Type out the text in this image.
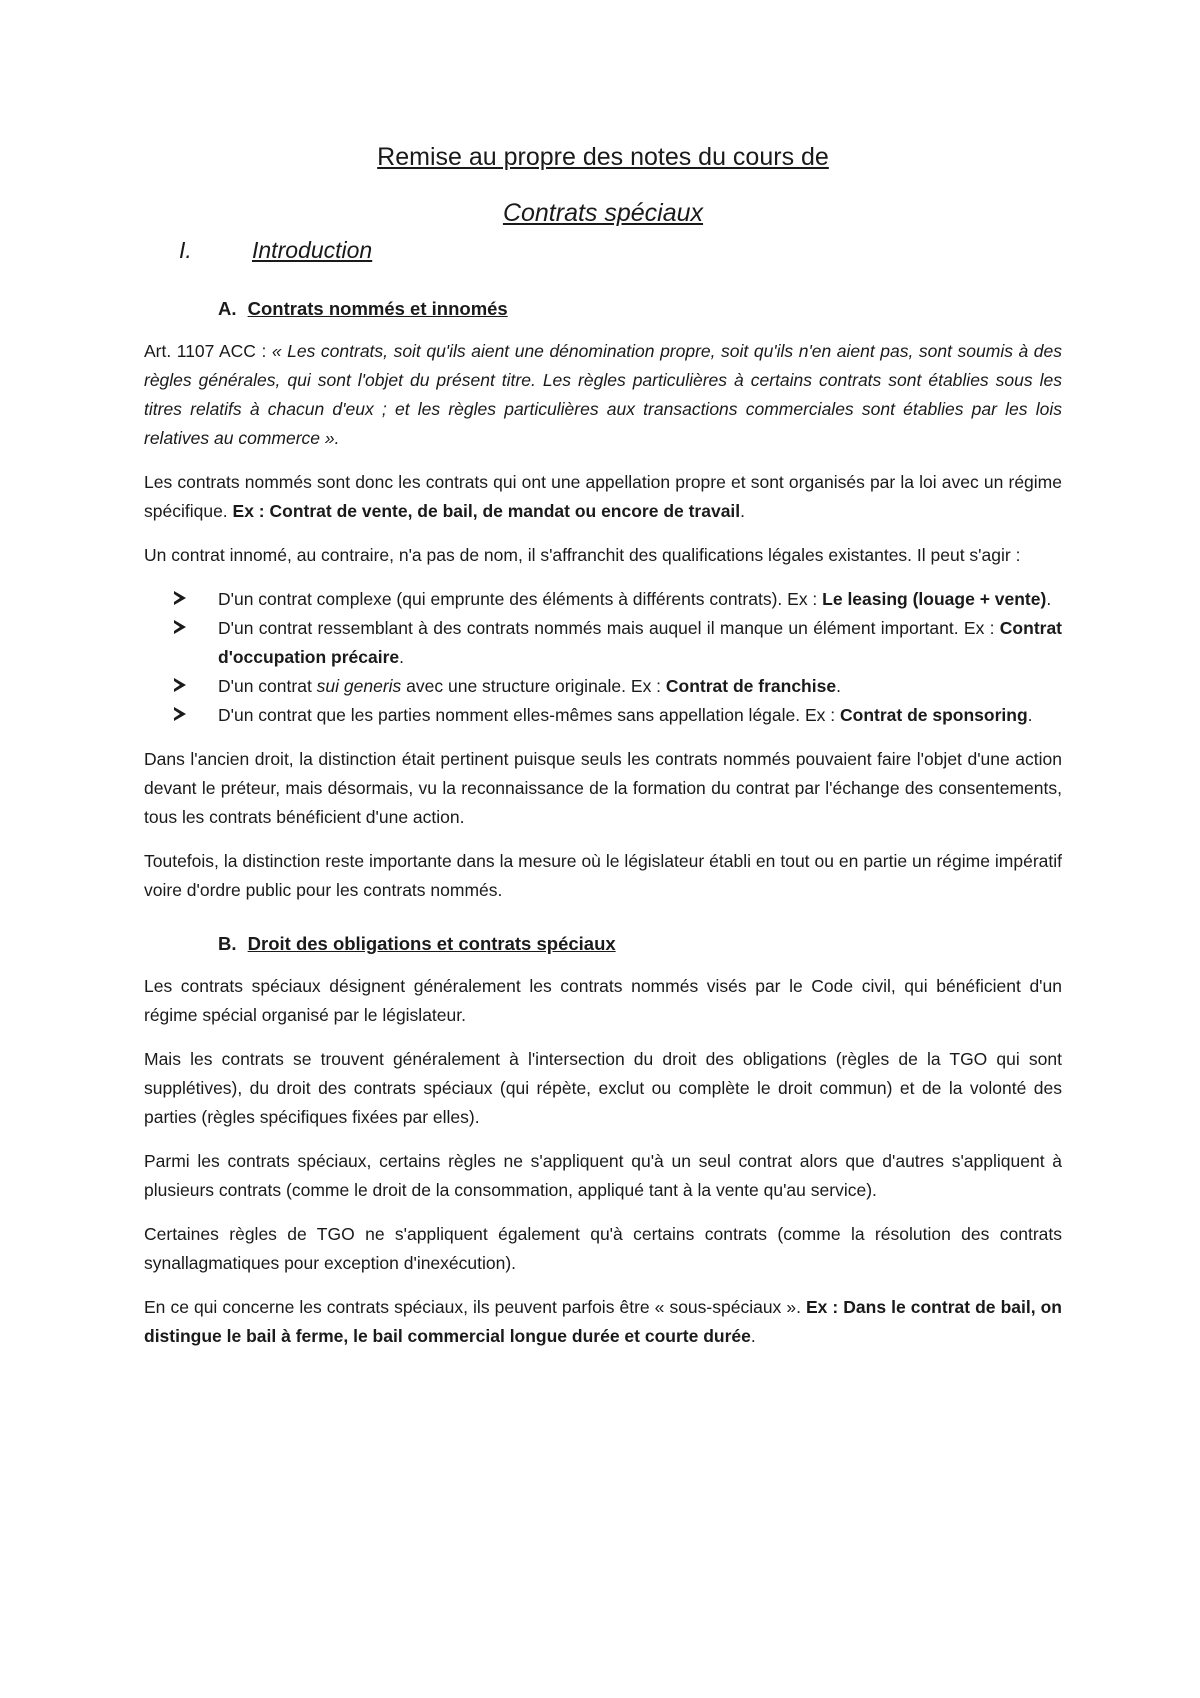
Remise au propre des notes du cours de
Contrats spéciaux
I.	Introduction
A. Contrats nommés et innomés

Art. 1107 ACC : « Les contrats, soit qu'ils aient une dénomination propre, soit qu'ils n'en aient pas, sont soumis à des règles générales, qui sont l'objet du présent titre. Les règles particulières à certains contrats sont établies sous les titres relatifs à chacun d'eux ; et les règles particulières aux transactions commerciales sont établies par les lois relatives au commerce ».

Les contrats nommés sont donc les contrats qui ont une appellation propre et sont organisés par la loi avec un régime spécifique. Ex : Contrat de vente, de bail, de mandat ou encore de travail.

Un contrat innomé, au contraire, n'a pas de nom, il s'affranchit des qualifications légales existantes. Il peut s'agir :

D'un contrat complexe (qui emprunte des éléments à différents contrats). Ex : Le leasing (louage + vente).
D'un contrat ressemblant à des contrats nommés mais auquel il manque un élément important. Ex : Contrat d'occupation précaire.
D'un contrat sui generis avec une structure originale. Ex : Contrat de franchise.
D'un contrat que les parties nomment elles-mêmes sans appellation légale. Ex : Contrat de sponsoring.

Dans l'ancien droit, la distinction était pertinent puisque seuls les contrats nommés pouvaient faire l'objet d'une action devant le préteur, mais désormais, vu la reconnaissance de la formation du contrat par l'échange des consentements, tous les contrats bénéficient d'une action.

Toutefois, la distinction reste importante dans la mesure où le législateur établi en tout ou en partie un régime impératif voire d'ordre public pour les contrats nommés.

B. Droit des obligations et contrats spéciaux

Les contrats spéciaux désignent généralement les contrats nommés visés par le Code civil, qui bénéficient d'un régime spécial organisé par le législateur.

Mais les contrats se trouvent généralement à l'intersection du droit des obligations (règles de la TGO qui sont supplétives), du droit des contrats spéciaux (qui répète, exclut ou complète le droit commun) et de la volonté des parties (règles spécifiques fixées par elles).

Parmi les contrats spéciaux, certains règles ne s'appliquent qu'à un seul contrat alors que d'autres s'appliquent à plusieurs contrats (comme le droit de la consommation, appliqué tant à la vente qu'au service).

Certaines règles de TGO ne s'appliquent également qu'à certains contrats (comme la résolution des contrats synallagmatiques pour exception d'inexécution).

En ce qui concerne les contrats spéciaux, ils peuvent parfois être « sous-spéciaux ». Ex : Dans le contrat de bail, on distingue le bail à ferme, le bail commercial longue durée et courte durée.
